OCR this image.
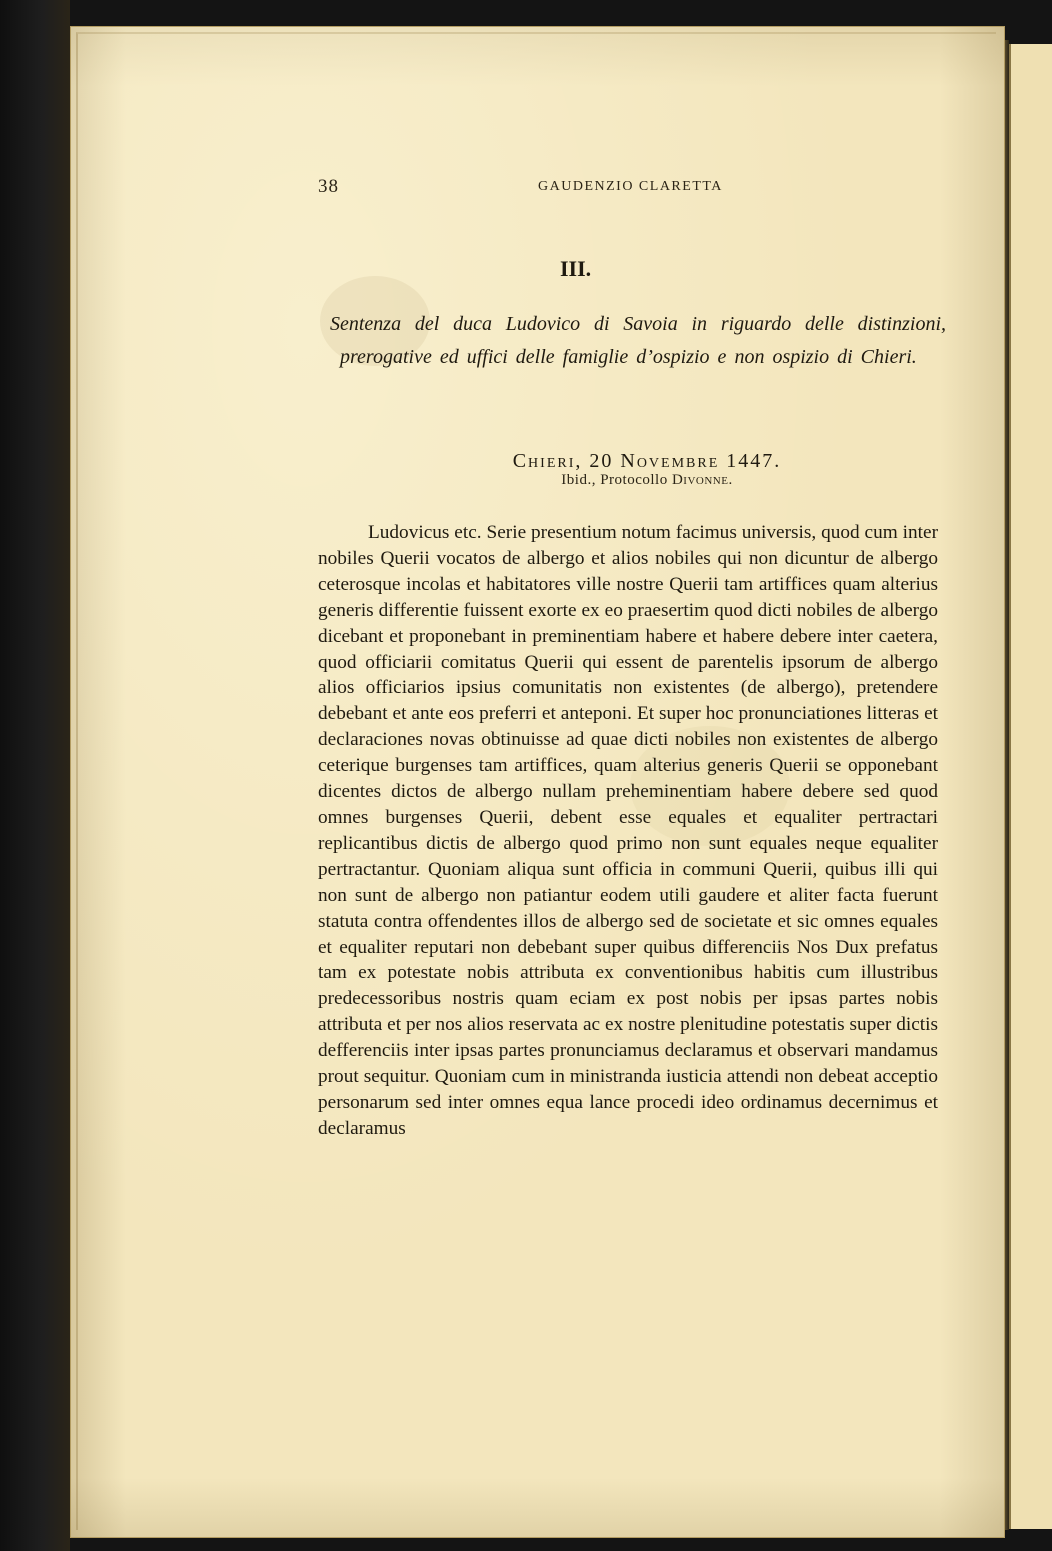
38	GAUDENZIO CLARETTA
III.
Sentenza del duca Ludovico di Savoia in riguardo delle distinzioni, prerogative ed uffici delle famiglie d’ospizio e non ospizio di Chieri.
Chieri, 20 Novembre 1447.
Ibid., Protocollo Divonne.
Ludovicus etc. Serie presentium notum facimus universis, quod cum inter nobiles Querii vocatos de albergo et alios nobiles qui non dicuntur de albergo ceterosque incolas et habitatores ville nostre Querii tam artiffices quam alterius generis differentie fuissent exorte ex eo praesertim quod dicti nobiles de albergo dicebant et proponebant in preminentiam habere et habere debere inter caetera, quod officiarii comitatus Querii qui essent de parentelis ipsorum de albergo alios officiarios ipsius comunitatis non existentes (de albergo), pretendere debebant et ante eos preferri et anteponi. Et super hoc pronunciationes litteras et declaraciones novas obtinuisse ad quae dicti nobiles non existentes de albergo ceterique burgenses tam artiffices, quam alterius generis Querii se opponebant dicentes dictos de albergo nullam preheminentiam habere debere sed quod omnes burgenses Querii, debent esse equales et equaliter pertractari replicantibus dictis de albergo quod primo non sunt equales neque equaliter pertractantur. Quoniam aliqua sunt officia in communi Querii, quibus illi qui non sunt de albergo non patiantur eodem utili gaudere et aliter facta fuerunt statuta contra offendentes illos de albergo sed de societate et sic omnes equales et equaliter reputari non debebant super quibus differenciis Nos Dux prefatus tam ex potestate nobis attributa ex conventionibus habitis cum illustribus predecessoribus nostris quam eciam ex post nobis per ipsas partes nobis attributa et per nos alios reservata ac ex nostre plenitudine potestatis super dictis defferenciis inter ipsas partes pronunciamus declaramus et observari mandamus prout sequitur. Quoniam cum in ministranda iusticia attendi non debeat acceptio personarum sed inter omnes equa lance procedi ideo ordinamus decernimus et declaramus
